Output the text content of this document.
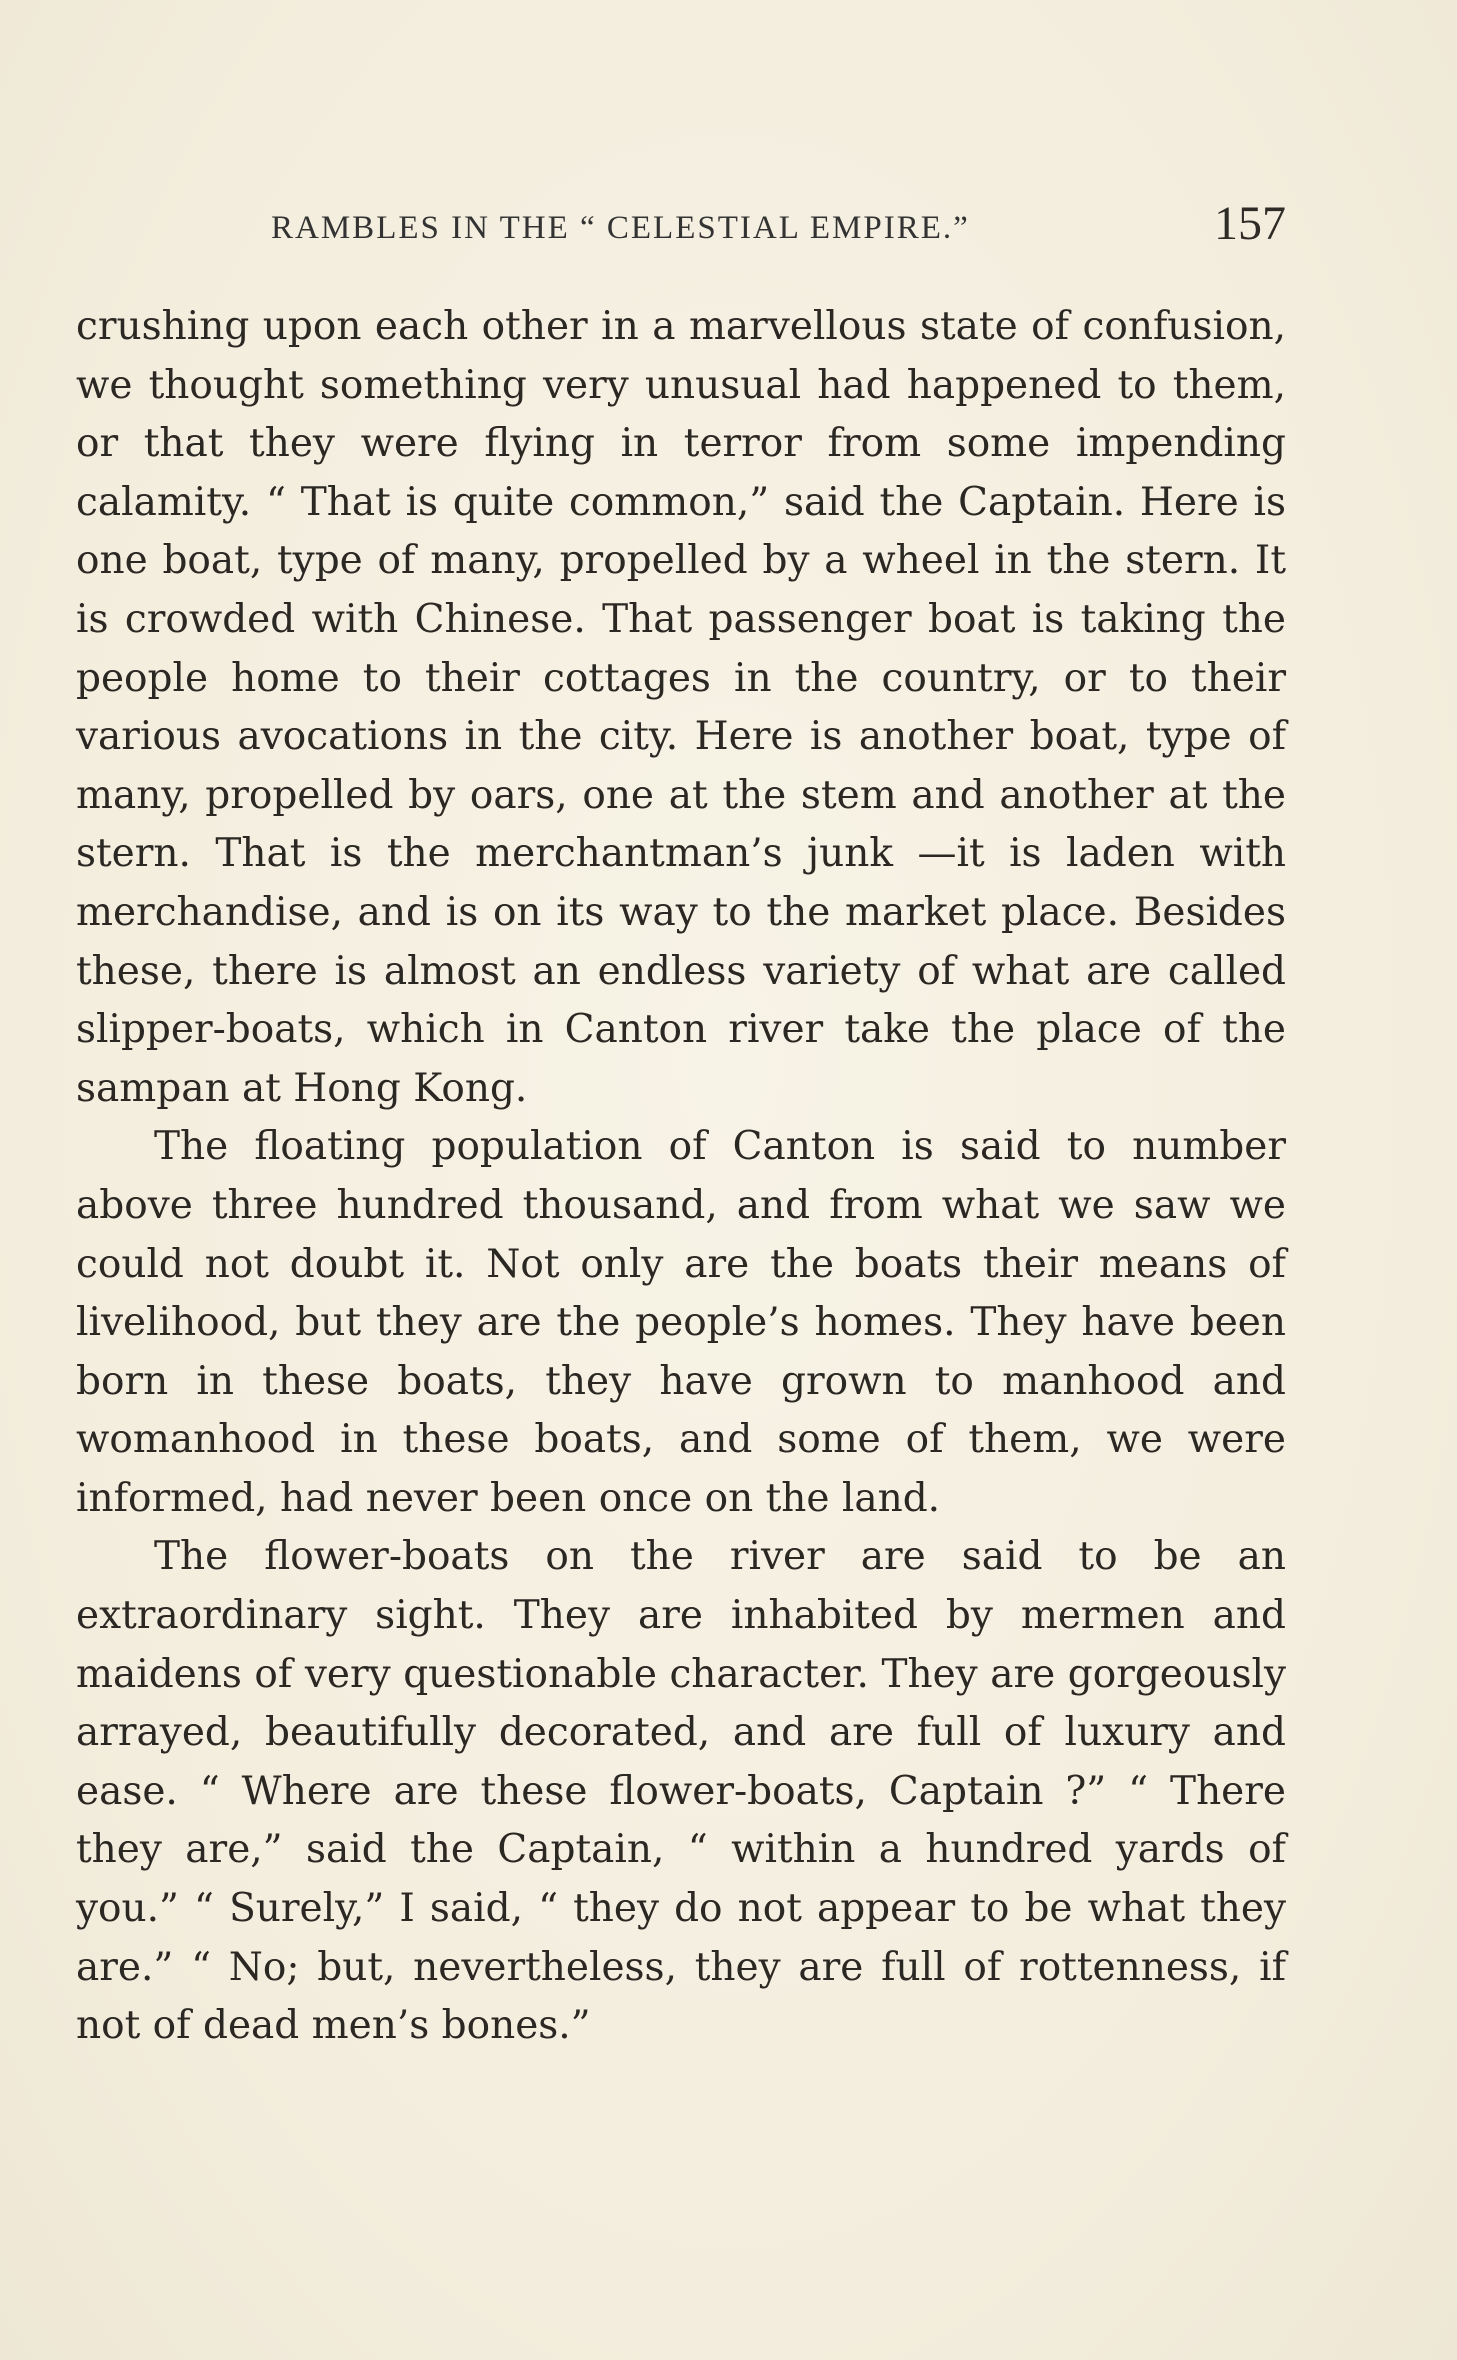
RAMBLES IN THE “ CELESTIAL EMPIRE.”	157

crushing upon each other in a marvellous state of confusion, we thought something very unusual had happened to them, or that they were flying in terror from some impending calamity. “ That is quite common,” said the Captain. Here is one boat, type of many, propelled by a wheel in the stern. It is crowded with Chinese. That passenger boat is taking the people home to their cottages in the country, or to their various avocations in the city. Here is another boat, type of many, propelled by oars, one at the stem and another at the stern. That is the merchantman’s junk —it is laden with merchandise, and is on its way to the market place. Besides these, there is almost an endless variety of what are called slipper-boats, which in Canton river take the place of the sampan at Hong Kong.

The floating population of Canton is said to number above three hundred thousand, and from what we saw we could not doubt it. Not only are the boats their means of livelihood, but they are the people’s homes. They have been born in these boats, they have grown to manhood and womanhood in these boats, and some of them, we were informed, had never been once on the land.

The flower-boats on the river are said to be an extraordinary sight. They are inhabited by mermen and maidens of very questionable character. They are gorgeously arrayed, beautifully decorated, and are full of luxury and ease. “ Where are these flower-boats, Captain ?” “ There they are,” said the Captain, “ within a hundred yards of you.” “ Surely,” I said, “ they do not appear to be what they are.” “ No; but, nevertheless, they are full of rottenness, if not of dead men’s bones.”
